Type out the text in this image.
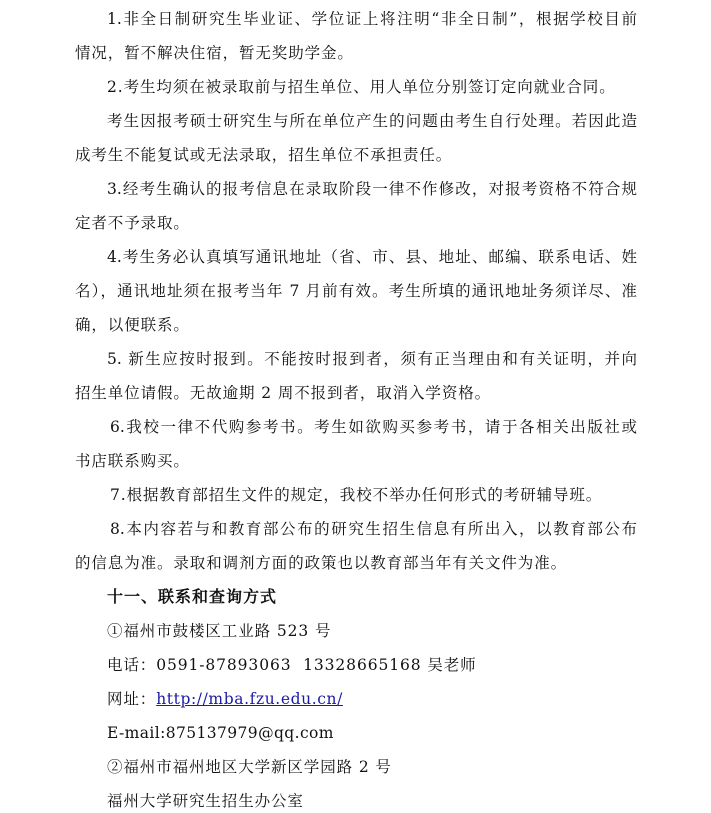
1.非全日制研究生毕业证、学位证上将注明“非全日制”，根据学校目前
情况，暂不解决住宿，暂无奖助学金。
2.考生均须在被录取前与招生单位、用人单位分别签订定向就业合同。
考生因报考硕士研究生与所在单位产生的问题由考生自行处理。若因此造
成考生不能复试或无法录取，招生单位不承担责任。
3.经考生确认的报考信息在录取阶段一律不作修改，对报考资格不符合规
定者不予录取。
4.考生务必认真填写通讯地址（省、市、县、地址、邮编、联系电话、姓
名），通讯地址须在报考当年 7 月前有效。考生所填的通讯地址务须详尽、准
确，以便联系。
5. 新生应按时报到。不能按时报到者，须有正当理由和有关证明，并向
招生单位请假。无故逾期 2 周不报到者，取消入学资格。
6.我校一律不代购参考书。考生如欲购买参考书，请于各相关出版社或
书店联系购买。
7.根据教育部招生文件的规定，我校不举办任何形式的考研辅导班。
8.本内容若与和教育部公布的研究生招生信息有所出入，以教育部公布
的信息为准。录取和调剂方面的政策也以教育部当年有关文件为准。
十一、联系和查询方式
①福州市鼓楼区工业路 523 号
电话：0591-87893063  13328665168 吴老师
网址：http://mba.fzu.edu.cn/
E-mail:875137979@qq.com
②福州市福州地区大学新区学园路 2 号
福州大学研究生招生办公室
